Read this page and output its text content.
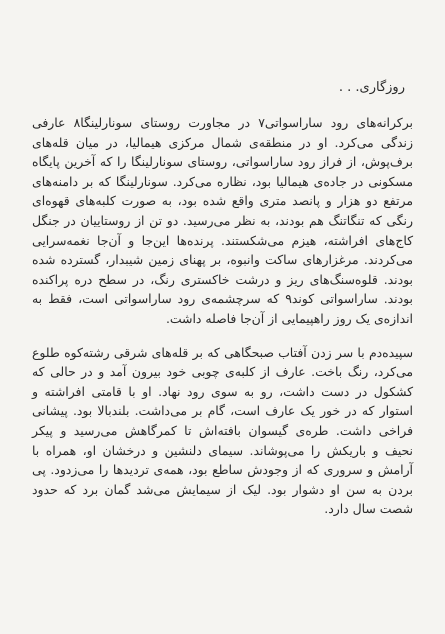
روزگاری. . .

برکرانه‌های رود ساراسواتی۷ در مجاورت روستای سونارلینگا۸ عارفی زندگی می‌کرد. او در منطقه‌ی شمال مرکزی هیمالیا، در میان قله‌های برف‌پوش، از فراز رود ساراسواتی، روستای سونارلینگا را که آخرین پایگاه مسکونی در جاده‌ی هیمالیا بود، نظاره می‌کرد. سونارلینگا که بر دامنه‌های مرتفع دو هزار و پانصد متری واقع شده بود، به صورت کلبه‌های قهوه‌ای رنگی که تنگاتنگ هم بودند، به نظر می‌رسید. دو تن از روستاییان در جنگل کاج‌های افراشته، هیزم می‌شکستند. پرنده‌ها این‌جا و آن‌جا نغمه‌سرایی می‌کردند. مرغزارهای ساکت وانبوه، بر پهنای زمین شیبدار، گسترده شده بودند. قلوه‌سنگ‌های ریز و درشت خاکستری رنگ، در سطح دره پراکنده بودند. ساراسواتی کوند۹ که سرچشمه‌ی رود ساراسواتی است، فقط به اندازه‌ی یک روز راهپیمایی از آن‌جا فاصله داشت.

سپیده‌دم با سر زدن آفتاب صبحگاهی که بر قله‌های شرقی رشته‌کوه طلوع می‌کرد، رنگ باخت. عارف از کلبه‌ی چوبی خود بیرون آمد و در حالی که کشکول در دست داشت، رو به سوی رود نهاد. او با قامتی افراشته و استوار که در خور یک عارف است، گام بر می‌داشت. بلندبالا بود. پیشانی فراخی داشت. طره‌ی گیسوان بافته‌اش تا کمرگاهش می‌رسید و پیکر نحیف و باریکش را می‌پوشاند. سیمای دلنشین و درخشان او، همراه با آرامش و سروری که از وجودش ساطع بود، همه‌ی تردیدها را می‌زدود. پی بردن به سن او دشوار بود. لیک از سیمایش می‌شد گمان برد که حدود شصت سال دارد.
